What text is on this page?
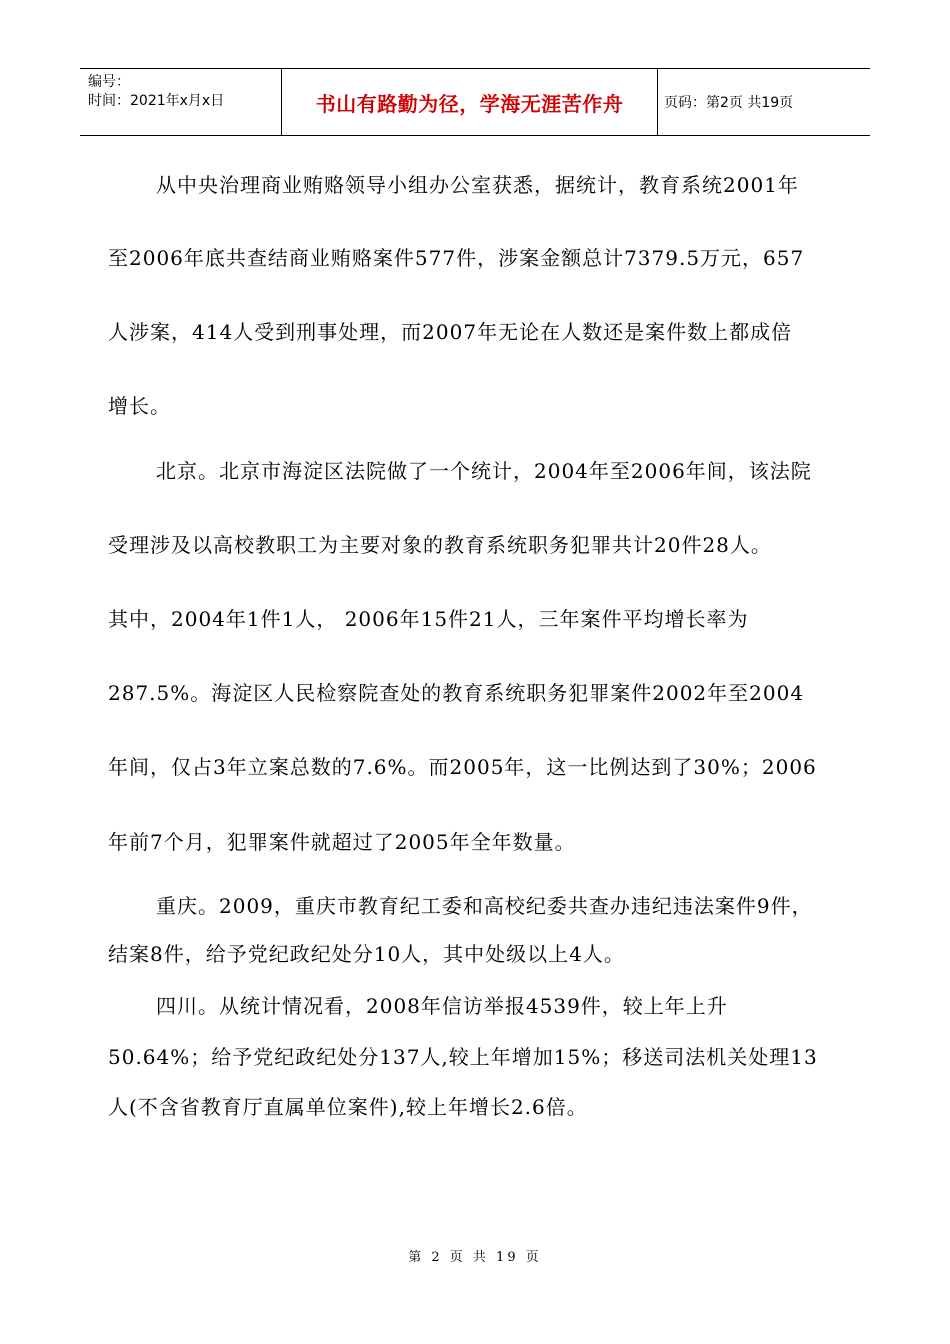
编号：
时间：2021年x月x日	书山有路勤为径，学海无涯苦作舟	页码：第2页 共19页
从中央治理商业贿赂领导小组办公室获悉，据统计，教育系统2001年
至2006年底共查结商业贿赂案件577件，涉案金额总计7379.5万元，657
人涉案，414人受到刑事处理，而2007年无论在人数还是案件数上都成倍
增长。
北京。北京市海淀区法院做了一个统计，2004年至2006年间，该法院
受理涉及以高校教职工为主要对象的教育系统职务犯罪共计20件28人。
其中，2004年1件1人， 2006年15件21人，三年案件平均增长率为
287.5%。海淀区人民检察院查处的教育系统职务犯罪案件2002年至2004
年间，仅占3年立案总数的7.6%。而2005年，这一比例达到了30%；2006
年前7个月，犯罪案件就超过了2005年全年数量。
重庆。2009，重庆市教育纪工委和高校纪委共查办违纪违法案件9件，
结案8件，给予党纪政纪处分10人，其中处级以上4人。
四川。从统计情况看，2008年信访举报4539件，较上年上升
50.64%；给予党纪政纪处分137人,较上年增加15%；移送司法机关处理13
人(不含省教育厅直属单位案件),较上年增长2.6倍。
第 2 页 共 19 页
